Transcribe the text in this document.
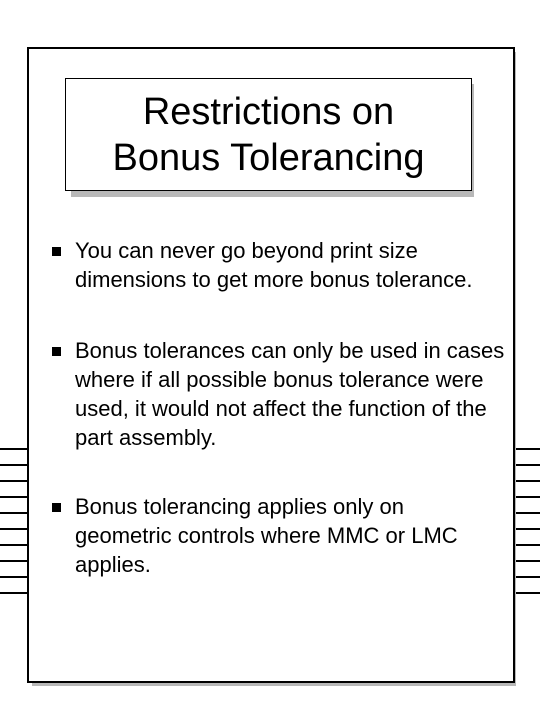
Restrictions on
Bonus Tolerancing
You can never go beyond print size dimensions to get more bonus tolerance.
Bonus tolerances can only be used in cases where if all possible bonus tolerance were used, it would not affect the function of the part assembly.
Bonus tolerancing applies only on geometric controls where MMC or LMC applies.
